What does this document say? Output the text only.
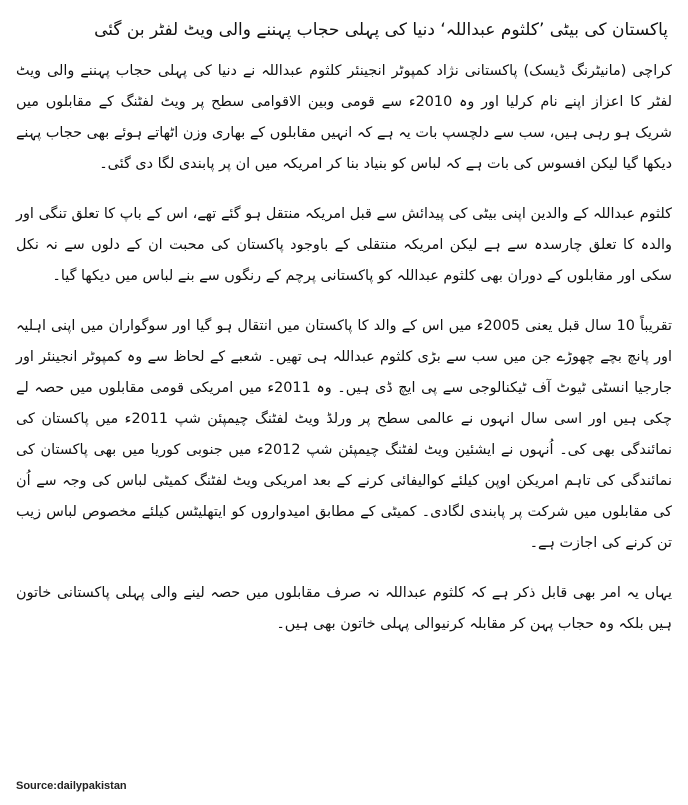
پاکستان کی بیٹی ’کلثوم عبداللہ‘ دنیا کی پہلی حجاب پہننے والی ویٹ لفٹر بن گئی

کراچی (مانیٹرنگ ڈیسک) پاکستانی نژاد کمپوٹر انجینئر کلثوم عبداللہ نے دنیا کی پہلی حجاب پہننے والی ویٹ لفٹر کا اعزاز اپنے نام کرلیا اور وہ 2010ء سے قومی وبین الاقوامی سطح پر ویٹ لفٹنگ کے مقابلوں میں شریک ہو رہی ہیں، سب سے دلچسپ بات یہ ہے کہ انہیں مقابلوں کے بھاری وزن اٹھاتے ہوئے بھی حجاب پہنے دیکھا گیا لیکن افسوس کی بات ہے کہ لباس کو بنیاد بنا کر امریکہ میں ان پر پابندی لگا دی گئی۔

کلثوم عبداللہ کے والدین اپنی بیٹی کی پیدائش سے قبل امریکہ منتقل ہو گئے تھے، اس کے باپ کا تعلق تنگی اور والدہ کا تعلق چارسدہ سے ہے لیکن امریکہ منتقلی کے باوجود پاکستان کی محبت ان کے دلوں سے نہ نکل سکی اور مقابلوں کے دوران بھی کلثوم عبداللہ کو پاکستانی پرچم کے رنگوں سے بنے لباس میں دیکھا گیا۔

تقریباً 10 سال قبل یعنی 2005ء میں اس کے والد کا پاکستان میں انتقال ہو گیا اور سوگواران میں اپنی اہلیہ اور پانچ بچے چھوڑے جن میں سب سے بڑی کلثوم عبداللہ ہی تھیں۔ شعبے کے لحاظ سے وہ کمپوٹر انجینئر اور جارجیا انسٹی ٹیوٹ آف ٹیکنالوجی سے پی ایچ ڈی ہیں۔ وہ 2011ء میں امریکی قومی مقابلوں میں حصہ لے چکی ہیں اور اسی سال انہوں نے عالمی سطح پر ورلڈ ویٹ لفٹنگ چیمپئن شپ 2011ء میں پاکستان کی نمائندگی بھی کی۔ اُنہوں نے ایشئین ویٹ لفٹنگ چیمپئن شپ 2012ء میں جنوبی کوریا میں بھی پاکستان کی نمائندگی کی تاہم امریکن اوپن کیلئے کوالیفائی کرنے کے بعد امریکی ویٹ لفٹنگ کمیٹی لباس کی وجہ سے اُن کی مقابلوں میں شرکت پر پابندی لگادی۔ کمیٹی کے مطابق امیدواروں کو ایتھلیٹس کیلئے مخصوص لباس زیب تن کرنے کی اجازت ہے۔

یہاں یہ امر بھی قابل ذکر ہے کہ کلثوم عبداللہ نہ صرف مقابلوں میں حصہ لینے والی پہلی پاکستانی خاتون ہیں بلکہ وہ حجاب پہن کر مقابلہ کرنیوالی پہلی خاتون بھی ہیں۔

Source:dailypakistan
